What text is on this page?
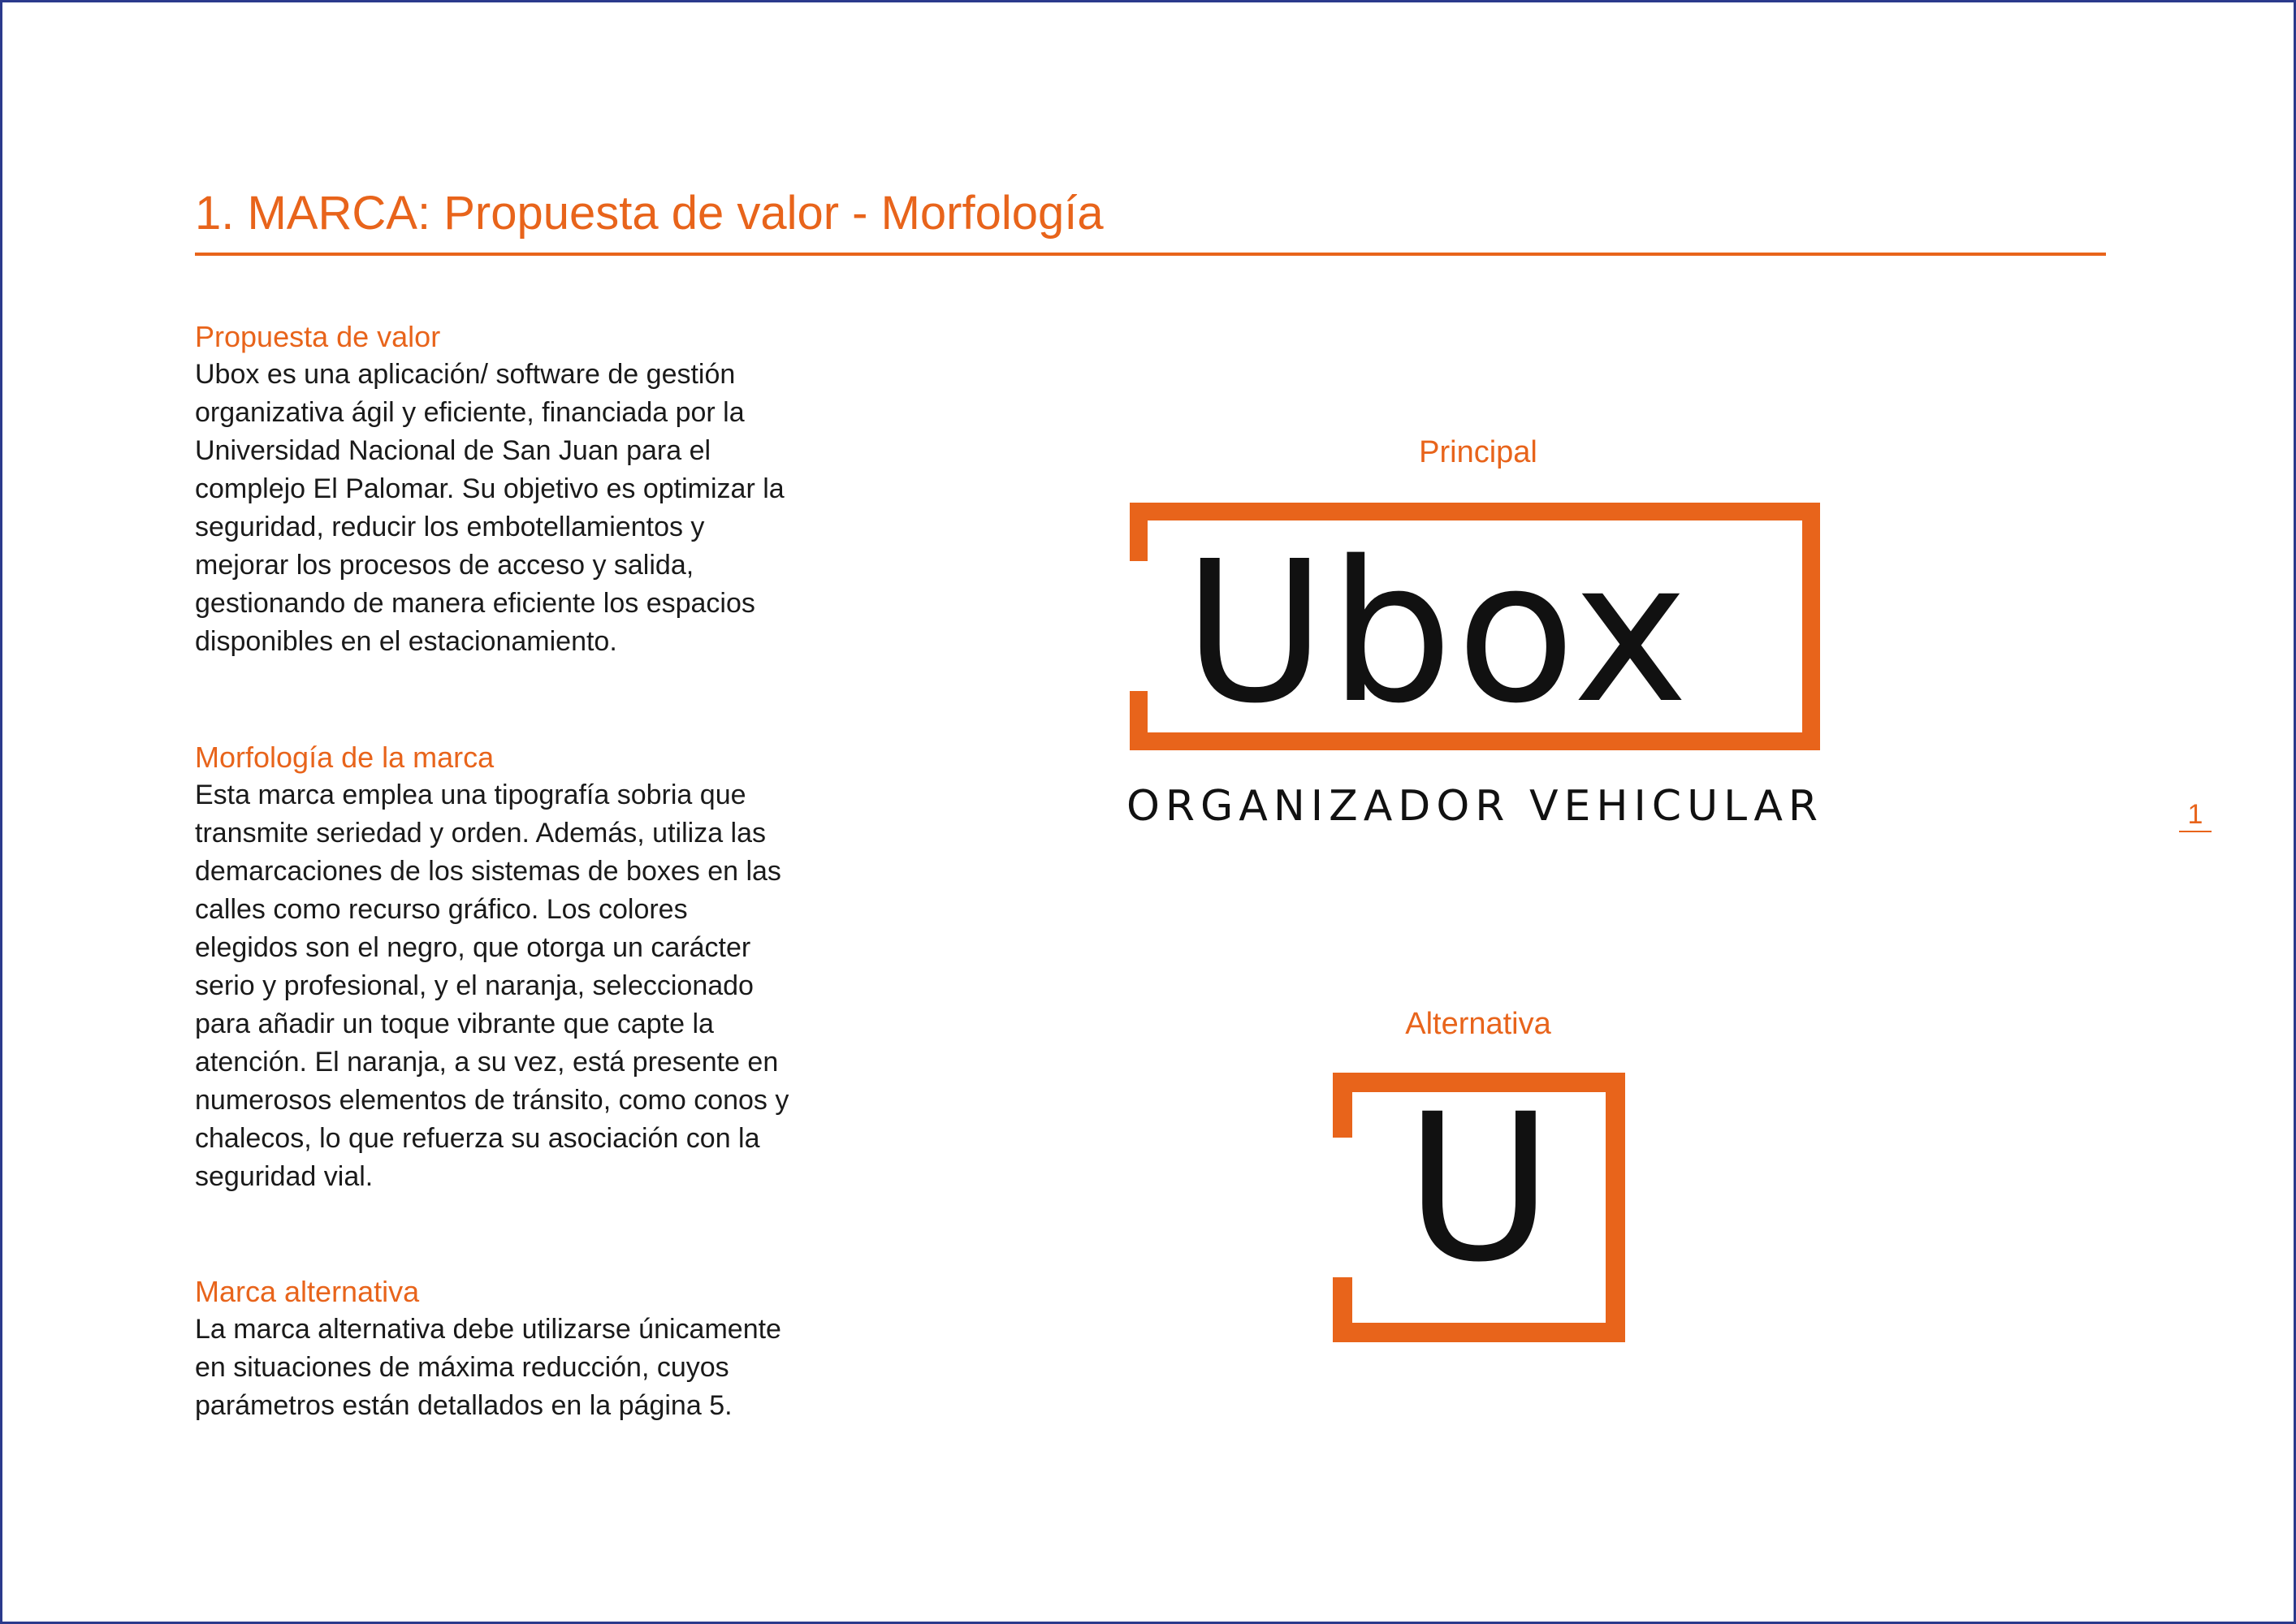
1. MARCA: Propuesta de valor - Morfología
Propuesta de valor

Ubox es una aplicación/ software de gestión
organizativa ágil y eficiente, financiada por la
Universidad Nacional de San Juan para el
complejo El Palomar. Su objetivo es optimizar la
seguridad, reducir los embotellamientos y
mejorar los procesos de acceso y salida,
gestionando de manera eficiente los espacios
disponibles en el estacionamiento.

Morfología de la marca

Esta marca emplea una tipografía sobria que
transmite seriedad y orden. Además, utiliza las
demarcaciones de los sistemas de boxes en las
calles como recurso gráfico. Los colores
elegidos son el negro, que otorga un carácter
serio y profesional, y el naranja, seleccionado
para añadir un toque vibrante que capte la
atención. El naranja, a su vez, está presente en
numerosos elementos de tránsito, como conos y
chalecos, lo que refuerza su asociación con la
seguridad vial.

Marca alternativa

La marca alternativa debe utilizarse únicamente
en situaciones de máxima reducción, cuyos
parámetros están detallados en la página 5.

Principal
Ubox
ORGANIZADOR VEHICULAR
Alternativa
U
1
